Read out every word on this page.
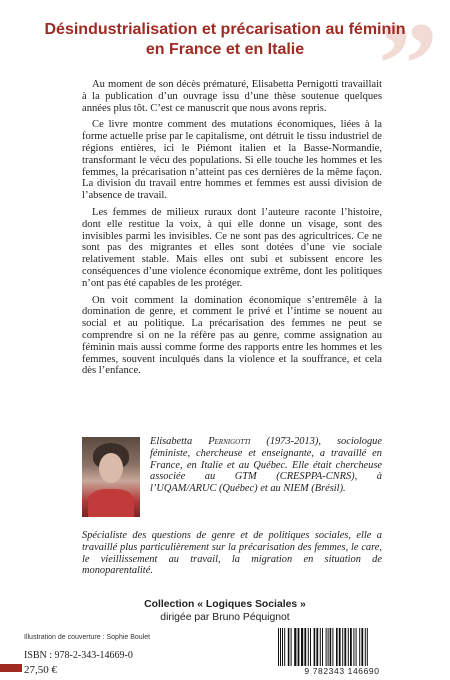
”
Désindustrialisation et précarisation au féminin
en France et en Italie

Au moment de son décès prématuré, Elisabetta Pernigotti travaillait à la publication d’un ouvrage issu d’une thèse soutenue quelques années plus tôt. C’est ce manuscrit que nous avons repris.

Ce livre montre comment des mutations économiques, liées à la forme actuelle prise par le capitalisme, ont détruit le tissu industriel de régions entières, ici le Piémont italien et la Basse-Normandie, transformant le vécu des populations. Si elle touche les hommes et les femmes, la précarisation n’atteint pas ces dernières de la même façon. La division du travail entre hommes et femmes est aussi division de l’absence de travail.

Les femmes de milieux ruraux dont l’auteure raconte l’histoire, dont elle restitue la voix, à qui elle donne un visage, sont des invisibles parmi les invisibles. Ce ne sont pas des agricultrices. Ce ne sont pas des migrantes et elles sont dotées d’une vie sociale relativement stable. Mais elles ont subi et subissent encore les conséquences d’une violence économique extrême, dont les politiques n’ont pas été capables de les protéger.

On voit comment la domination économique s’entremêle à la domination de genre, et comment le privé et l’intime se nouent au social et au politique. La précarisation des femmes ne peut se comprendre si on ne la réfère pas au genre, comme assignation au féminin mais aussi comme forme des rapports entre les hommes et les femmes, souvent inculqués dans la violence et la souffrance, et cela dès l’enfance.

Elisabetta Pernigotti (1973-2013), sociologue féministe, chercheuse et enseignante, a travaillé en France, en Italie et au Québec. Elle était chercheuse associée au GTM (CRESPPA-CNRS), à l’UQAM/ARUC (Québec) et au NIEM (Brésil).
Spécialiste des questions de genre et de politiques sociales, elle a travaillé plus particulièrement sur la précarisation des femmes, le care, le vieillissement au travail, la migration en situation de monoparentalité.
Collection « Logiques Sociales »
dirigée par Bruno Péquignot
Illustration de couverture : Sophie Boulet
ISBN : 978-2-343-14669-0
27,50 €	9 782343 146690
